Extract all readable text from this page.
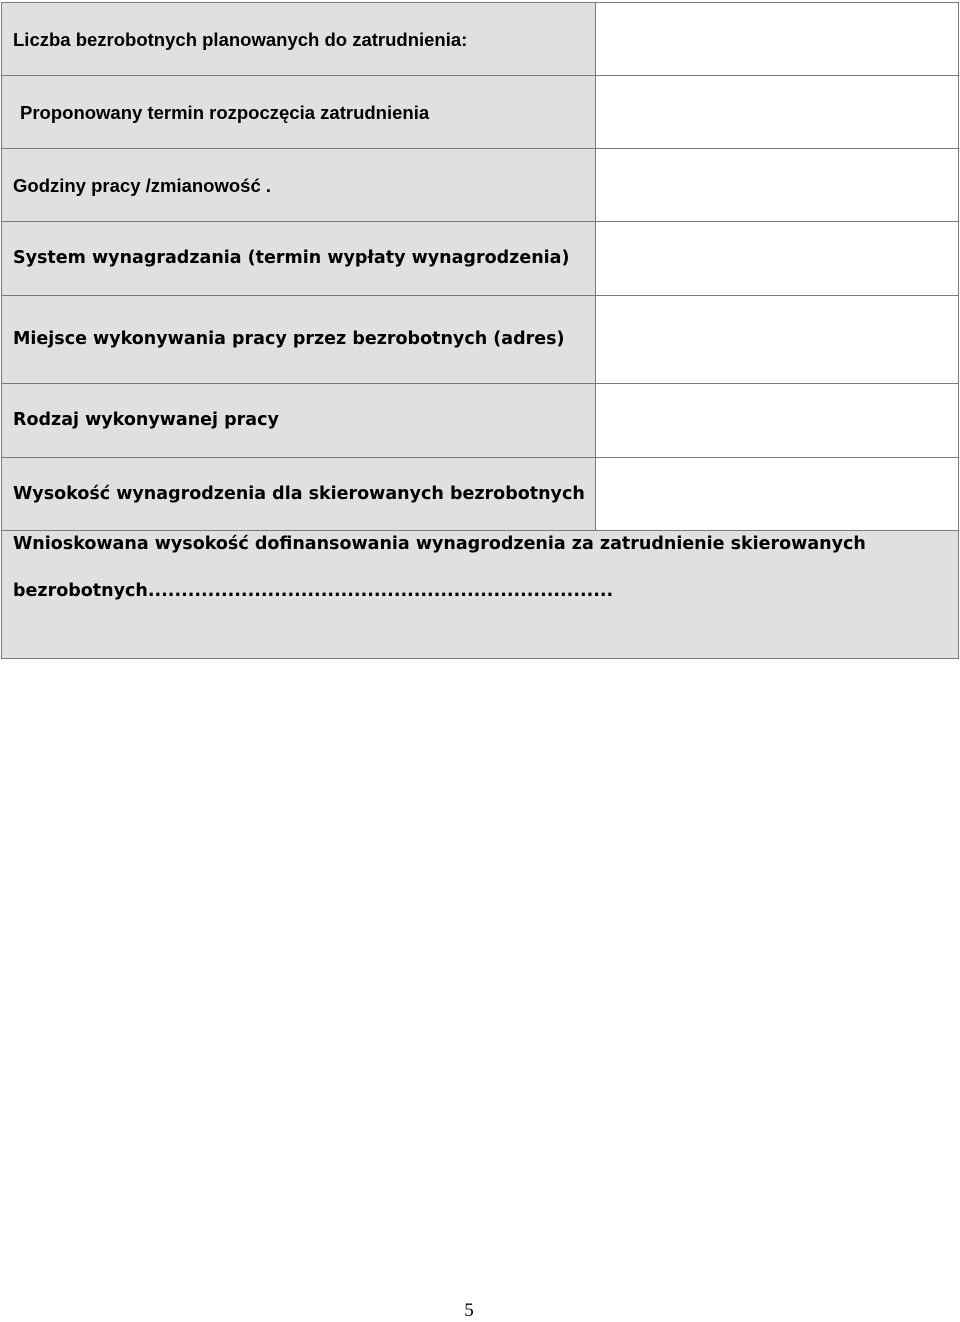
Liczba bezrobotnych planowanych do zatrudnienia:	

Proponowany termin rozpoczęcia zatrudnienia	

Godziny pracy /zmianowość .	

System wynagradzania (termin wypłaty wynagrodzenia)	

Miejsce wykonywania pracy przez bezrobotnych (adres)	

Rodzaj wykonywanej pracy	

Wysokość wynagrodzenia dla skierowanych bezrobotnych	

Wnioskowana wysokość dofinansowania wynagrodzenia za zatrudnienie skierowanych
bezrobotnych......................................................................	
5
